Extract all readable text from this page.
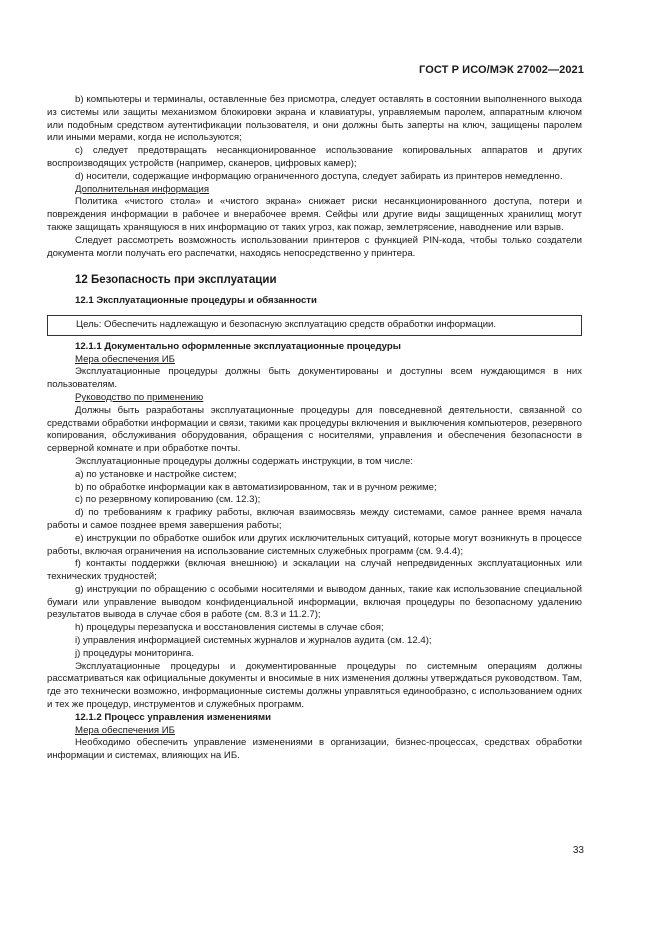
ГОСТ Р ИСО/МЭК 27002—2021

b) компьютеры и терминалы, оставленные без присмотра, следует оставлять в состоянии выполненного выхода из системы или защиты механизмом блокировки экрана и клавиатуры, управляемым паролем, аппаратным ключом или подобным средством аутентификации пользователя, и они должны быть заперты на ключ, защищены паролем или иными мерами, когда не используются;

c) следует предотвращать несанкционированное использование копировальных аппаратов и других воспроизводящих устройств (например, сканеров, цифровых камер);

d) носители, содержащие информацию ограниченного доступа, следует забирать из принтеров немедленно.

Дополнительная информация

Политика «чистого стола» и «чистого экрана» снижает риски несанкционированного доступа, потери и повреждения информации в рабочее и внерабочее время. Сейфы или другие виды защищенных хранилищ могут также защищать хранящуюся в них информацию от таких угроз, как пожар, землетрясение, наводнение или взрыв.

Следует рассмотреть возможность использовании принтеров с функцией PIN-кода, чтобы только создатели документа могли получать его распечатки, находясь непосредственно у принтера.

12 Безопасность при эксплуатации
12.1 Эксплуатационные процедуры и обязанности
Цель: Обеспечить надлежащую и безопасную эксплуатацию средств обработки информации.
12.1.1 Документально оформленные эксплуатационные процедуры

Мера обеспечения ИБ

Эксплуатационные процедуры должны быть документированы и доступны всем нуждающимся в них пользователям.

Руководство по применению

Должны быть разработаны эксплуатационные процедуры для повседневной деятельности, связанной со средствами обработки информации и связи, такими как процедуры включения и выключения компьютеров, резервного копирования, обслуживания оборудования, обращения с носителями, управления и обеспечения безопасности в серверной комнате и при обработке почты.

Эксплуатационные процедуры должны содержать инструкции, в том числе:

a) по установке и настройке систем;

b) по обработке информации как в автоматизированном, так и в ручном режиме;

c) по резервному копированию (см. 12.3);

d) по требованиям к графику работы, включая взаимосвязь между системами, самое раннее время начала работы и самое позднее время завершения работы;

e) инструкции по обработке ошибок или других исключительных ситуаций, которые могут возникнуть в процессе работы, включая ограничения на использование системных служебных программ (см. 9.4.4);

f) контакты поддержки (включая внешнюю) и эскалации на случай непредвиденных эксплуатационных или технических трудностей;

g) инструкции по обращению с особыми носителями и выводом данных, такие как использование специальной бумаги или управление выводом конфиденциальной информации, включая процедуры по безопасному удалению результатов вывода в случае сбоя в работе (см. 8.3 и 11.2.7);

h) процедуры перезапуска и восстановления системы в случае сбоя;

i) управления информацией системных журналов и журналов аудита (см. 12.4);

j) процедуры мониторинга.

Эксплуатационные процедуры и документированные процедуры по системным операциям должны рассматриваться как официальные документы и вносимые в них изменения должны утверждаться руководством. Там, где это технически возможно, информационные системы должны управляться единообразно, с использованием одних и тех же процедур, инструментов и служебных программ.

12.1.2 Процесс управления изменениями

Мера обеспечения ИБ

Необходимо обеспечить управление изменениями в организации, бизнес-процессах, средствах обработки информации и системах, влияющих на ИБ.

33
